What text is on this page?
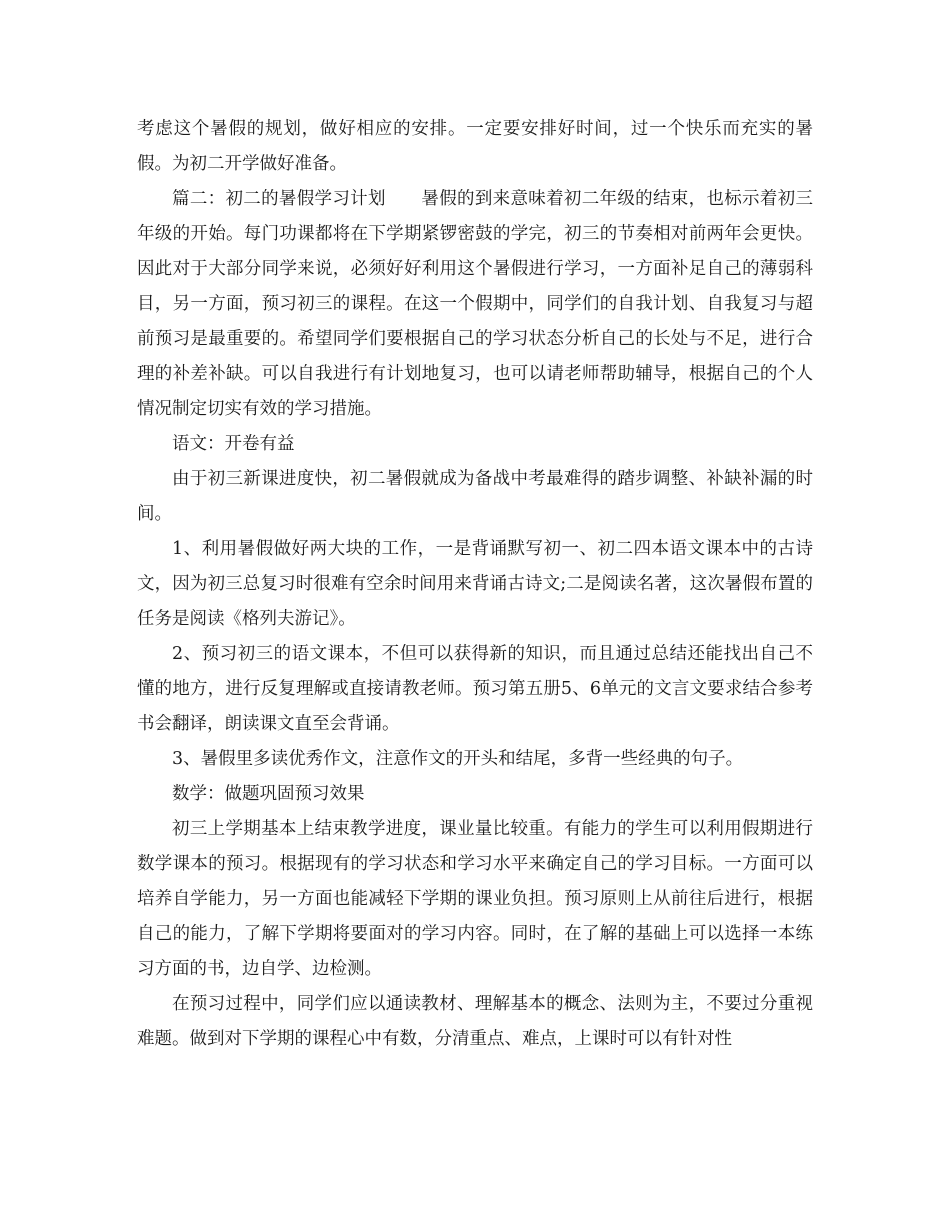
考虑这个暑假的规划，做好相应的安排。一定要安排好时间，过一个快乐而充实的暑假。为初二开学做好准备。

篇二：初二的暑假学习计划　　暑假的到来意味着初二年级的结束，也标示着初三年级的开始。每门功课都将在下学期紧锣密鼓的学完，初三的节奏相对前两年会更快。因此对于大部分同学来说，必须好好利用这个暑假进行学习，一方面补足自己的薄弱科目，另一方面，预习初三的课程。在这一个假期中，同学们的自我计划、自我复习与超前预习是最重要的。希望同学们要根据自己的学习状态分析自己的长处与不足，进行合理的补差补缺。可以自我进行有计划地复习，也可以请老师帮助辅导，根据自己的个人情况制定切实有效的学习措施。

语文：开卷有益

由于初三新课进度快，初二暑假就成为备战中考最难得的踏步调整、补缺补漏的时间。

1、利用暑假做好两大块的工作，一是背诵默写初一、初二四本语文课本中的古诗文，因为初三总复习时很难有空余时间用来背诵古诗文;二是阅读名著，这次暑假布置的任务是阅读《格列夫游记》。

2、预习初三的语文课本，不但可以获得新的知识，而且通过总结还能找出自己不懂的地方，进行反复理解或直接请教老师。预习第五册5、6单元的文言文要求结合参考书会翻译，朗读课文直至会背诵。

3、暑假里多读优秀作文，注意作文的开头和结尾，多背一些经典的句子。

数学：做题巩固预习效果

初三上学期基本上结束教学进度，课业量比较重。有能力的学生可以利用假期进行数学课本的预习。根据现有的学习状态和学习水平来确定自己的学习目标。一方面可以培养自学能力，另一方面也能减轻下学期的课业负担。预习原则上从前往后进行，根据自己的能力，了解下学期将要面对的学习内容。同时，在了解的基础上可以选择一本练习方面的书，边自学、边检测。

在预习过程中，同学们应以通读教材、理解基本的概念、法则为主，不要过分重视难题。做到对下学期的课程心中有数，分清重点、难点，上课时可以有针对性
